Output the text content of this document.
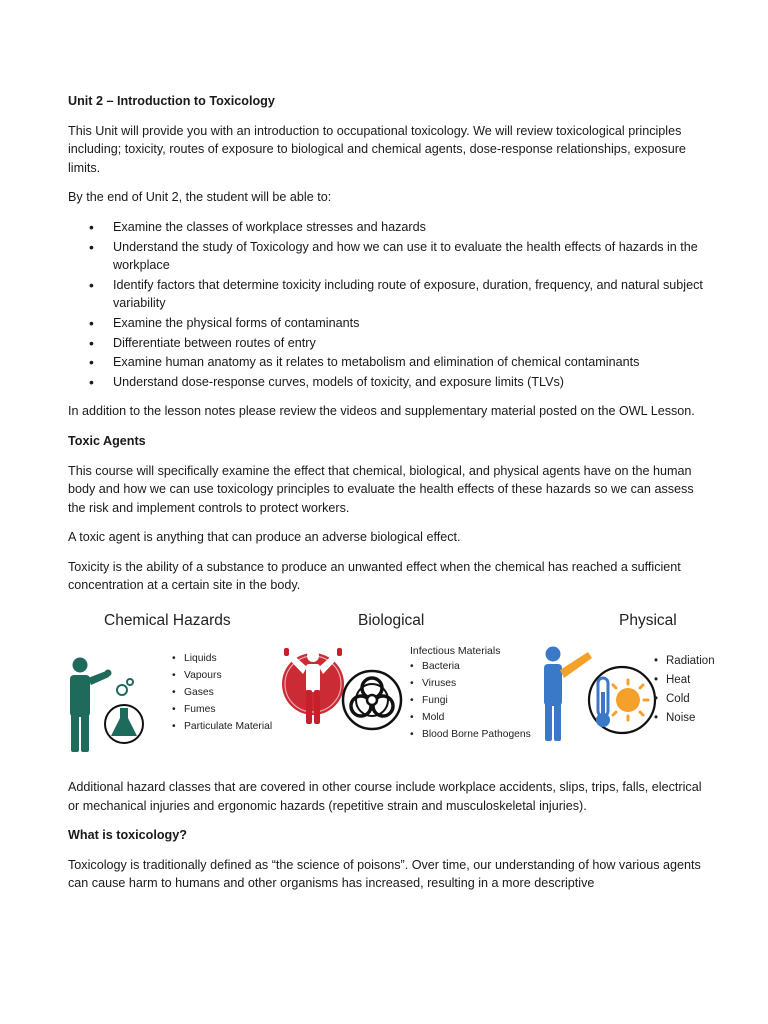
Unit 2 – Introduction to Toxicology

This Unit will provide you with an introduction to occupational toxicology. We will review toxicological principles including; toxicity, routes of exposure to biological and chemical agents, dose-response relationships, exposure limits.

By the end of Unit 2, the student will be able to:

• Examine the classes of workplace stresses and hazards
• Understand the study of Toxicology and how we can use it to evaluate the health effects of hazards in the workplace
• Identify factors that determine toxicity including route of exposure, duration, frequency, and natural subject variability
• Examine the physical forms of contaminants
• Differentiate between routes of entry
• Examine human anatomy as it relates to metabolism and elimination of chemical contaminants
• Understand dose-response curves, models of toxicity, and exposure limits (TLVs)

In addition to the lesson notes please review the videos and supplementary material posted on the OWL Lesson.

Toxic Agents

This course will specifically examine the effect that chemical, biological, and physical agents have on the human body and how we can use toxicology principles to evaluate the health effects of these hazards so we can assess the risk and implement controls to protect workers.

A toxic agent is anything that can produce an adverse biological effect.

Toxicity is the ability of a substance to produce an unwanted effect when the chemical has reached a sufficient concentration at a certain site in the body.

Chemical Hazards
• Liquids
• Vapours
• Gases
• Fumes
• Particulate Material
Biological
Infectious Materials
• Bacteria
• Viruses
• Fungi
• Mold
• Blood Borne Pathogens
Physical
• Radiation
• Heat
• Cold
• Noise

Additional hazard classes that are covered in other course include workplace accidents, slips, trips, falls, electrical or mechanical injuries and ergonomic hazards (repetitive strain and musculoskeletal injuries).

What is toxicology?

Toxicology is traditionally defined as “the science of poisons”. Over time, our understanding of how various agents can cause harm to humans and other organisms has increased, resulting in a more descriptive
